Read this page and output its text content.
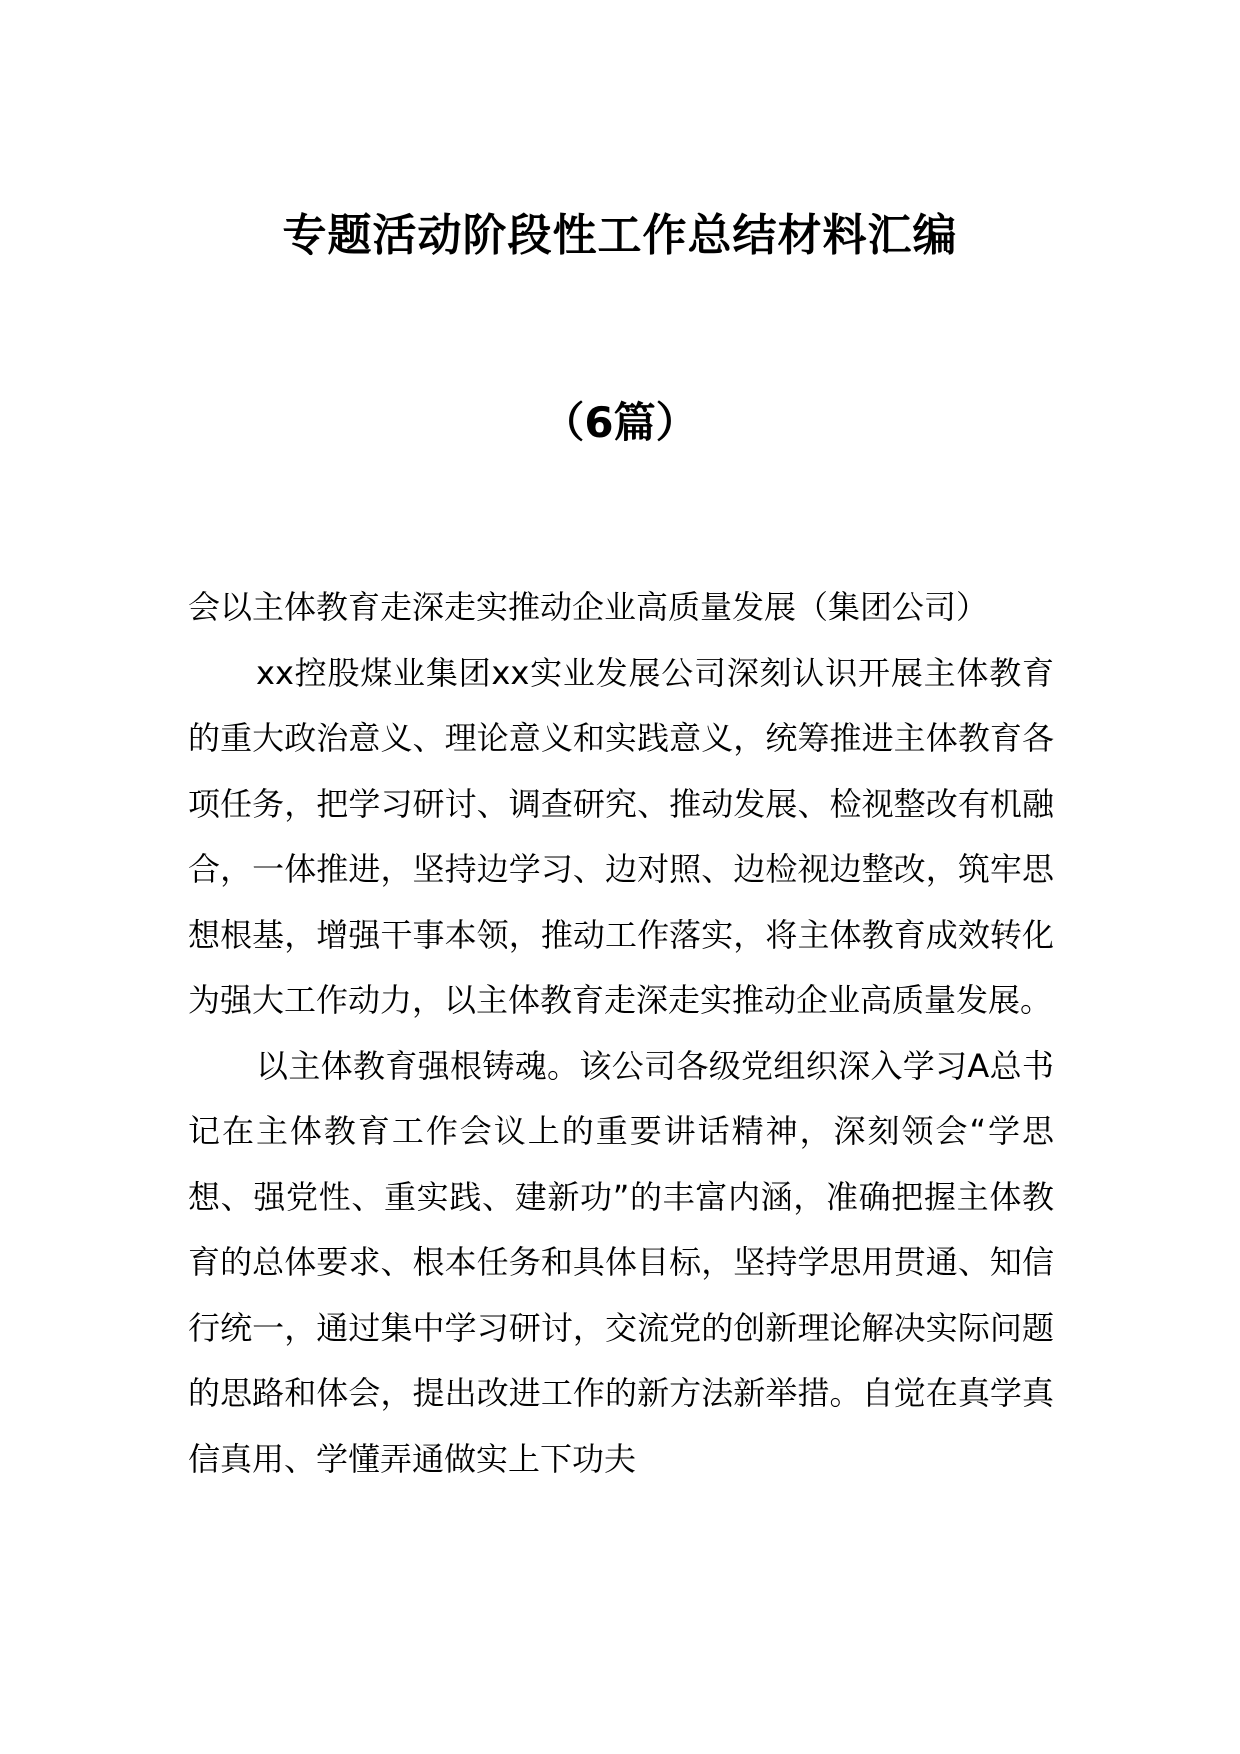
专题活动阶段性工作总结材料汇编
（6篇）

会以主体教育走深走实推动企业高质量发展（集团公司）

xx控股煤业集团xx实业发展公司深刻认识开展主体教育的重大政治意义、理论意义和实践意义，统筹推进主体教育各项任务，把学习研讨、调查研究、推动发展、检视整改有机融合，一体推进，坚持边学习、边对照、边检视边整改，筑牢思想根基，增强干事本领，推动工作落实，将主体教育成效转化为强大工作动力，以主体教育走深走实推动企业高质量发展。

以主体教育强根铸魂。该公司各级党组织深入学习A总书记在主体教育工作会议上的重要讲话精神，深刻领会“学思想、强党性、重实践、建新功”的丰富内涵，准确把握主体教育的总体要求、根本任务和具体目标，坚持学思用贯通、知信行统一，通过集中学习研讨，交流党的创新理论解决实际问题的思路和体会，提出改进工作的新方法新举措。自觉在真学真信真用、学懂弄通做实上下功夫
